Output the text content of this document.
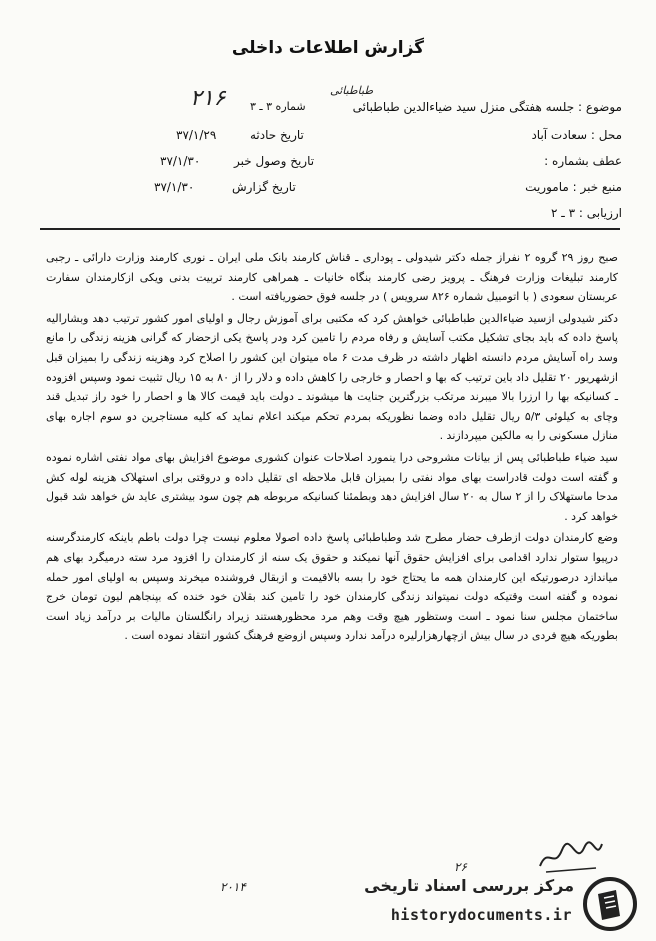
گزارش اطلاعات داخلی
۲۱۶	طباطبائی
شماره ۳ ـ ۳	موضوع : جلسه هفتگی منزل سید ضیاءالدین طباطبائی
محل : سعادت آباد
عطف بشماره :
منبع خبر : ماموریت
ارزیابی : ۳ ـ ۲
تاریخ حادثه
۳۷/۱/۲۹
تاریخ وصول خبر
۳۷/۱/۳۰
تاریخ گزارش
۳۷/۱/۳۰

صبح روز ۲۹ گروه ۲ نفراز جمله دکتر شیدولی ـ پوداری ـ قناش کارمند بانک ملی ایران ـ نوری کارمند وزارت دارائی ـ رجبی کارمند تبلیغات وزارت فرهنگ ـ پرویز رضی کارمند بنگاه خانیات ـ همراهی کارمند تربیت بدنی ویکی ازکارمندان سفارت عربستان سعودی ( با اتومبیل شماره ۸۲۶ سرویس ) در جلسه فوق حضوریافته است .

دکتر شیدولی ازسید ضیاءالدین طباطبائی خواهش کرد که مکتبی برای آموزش رجال و اولیای امور کشور ترتیب دهد وبشارالیه پاسخ داده که باید بجای تشکیل مکتب آسایش و رفاه مردم را تامین کرد ودر پاسخ یکی ازحضار که گرانی هزینه زندگی را مانع وسد راه آسایش مردم دانسته اظهار داشته در ظرف مدت ۶ ماه میتوان این کشور را اصلاح کرد وهزینه زندگی را بمیزان قبل ازشهریور ۲۰ تقلیل داد باین ترتیب که بها و احصار و خارجی را کاهش داده و دلار را از ۸۰ به ۱۵ ریال تثبیت نمود وسپس افزوده ـ کسانیکه بها را ارزرا بالا میبرند مرتکب بزرگترین جنایت ها میشوند ـ دولت باید قیمت کالا ها و احصار را خود راز تبدیل قند وچای به کیلوئی ۵/۳ ریال تقلیل داده وضما نظوریکه بمردم تحکم میکند اعلام نماید که کلیه مستاجرین دو سوم اجاره بهای منازل مسکونی را به مالکین میپردازند .

سید ضیاء طباطبائی پس از بیانات مشروحی درا ینمورد اصلاحات عنوان کشوری موضوع افزایش بهای مواد نفتی اشاره نموده و گفته است دولت قادراست بهای مواد نفتی را بمیزان قابل ملاحظه ای تقلیل داده و دروقتی برای استهلاک هزینه لوله کش مدحا ماستهلاک را از ۲ سال به ۲۰ سال افزایش دهد وبطمئنا کسانیکه مربوطه هم چون سود بیشتری عاید ش خواهد شد قبول خواهد کرد .

وضع کارمندان دولت ازطرف حضار مطرح شد وطباطبائی پاسخ داده اصولا معلوم نیست چرا دولت باطم باینکه کارمندگرسنه درپیوا ستوار ندارد اقدامی برای افزایش حقوق آنها نمیکند و حقوق یک سنه از کارمندان را افزود مرد سته درمیگرد بهای هم میاندازد درصورتیکه این کارمندان همه ما یحتاج خود را بسه بالاقیمت و ازبقال فروشنده میخرند وسپس به اولیای امور حمله نموده و گفته است وقتیکه دولت نمیتواند زندگی کارمندان خود را تامین کند بقلان خود خنده که بپنجاهم لیون تومان خرج ساختمان مجلس سنا نمود ـ است وستظور هیچ وقت وهم مرد محظورهستند زیراد رانگلستان مالیات بر درآمد زیاد است بطوریکه هیچ فردی در سال بیش ازچهارهزارلیره درآمد ندارد وسپس ازوضع فرهنگ کشور انتقاد نموده است .

۲۶
۲۰۱۴	مرکز بررسی اسناد تاریخی
historydocuments.ir
